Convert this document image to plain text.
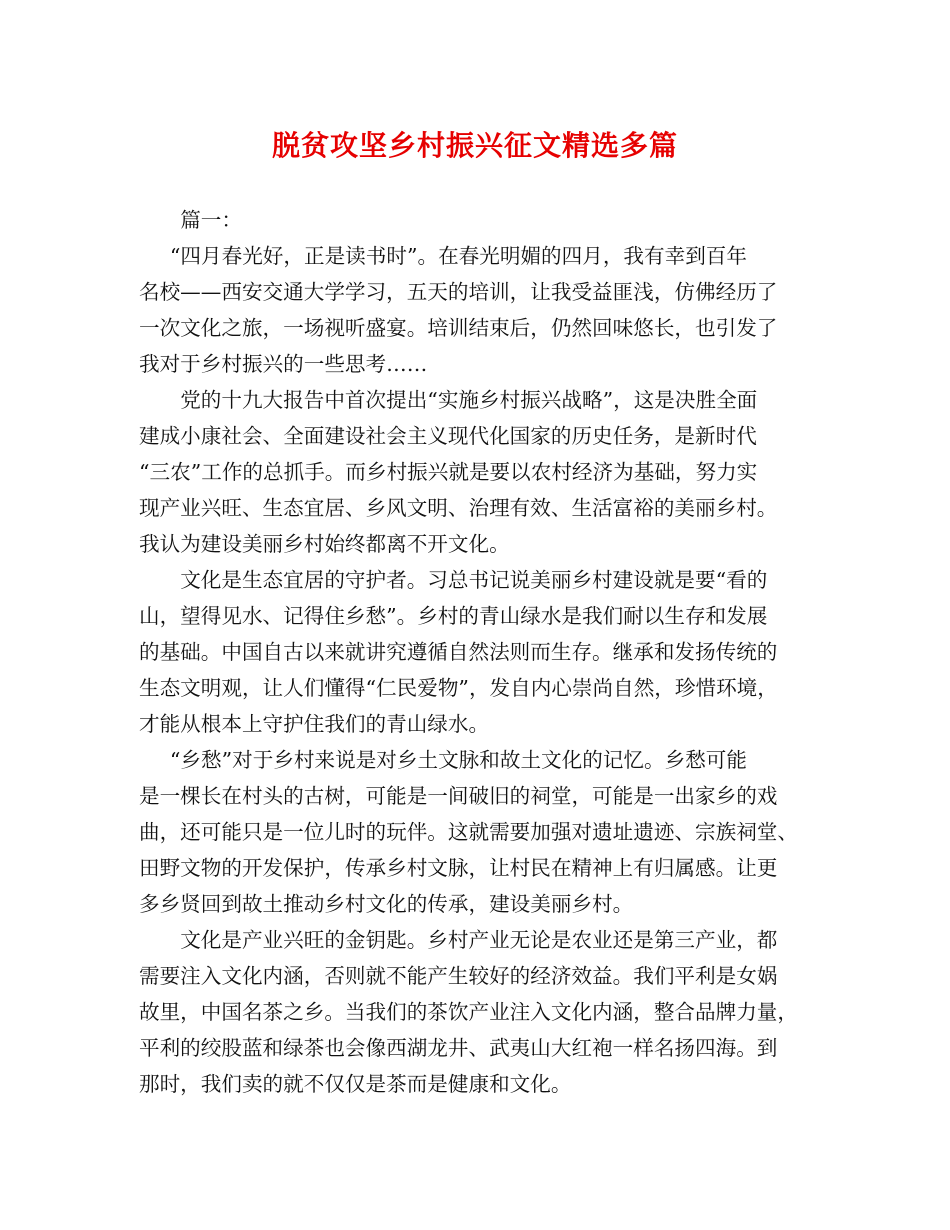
脱贫攻坚乡村振兴征文精选多篇

篇一：

“四月春光好，正是读书时”。在春光明媚的四月，我有幸到百年
名校——西安交通大学学习，五天的培训，让我受益匪浅，仿佛经历了
一次文化之旅，一场视听盛宴。培训结束后，仍然回味悠长，也引发了
我对于乡村振兴的一些思考……

党的十九大报告中首次提出“实施乡村振兴战略”，这是决胜全面
建成小康社会、全面建设社会主义现代化国家的历史任务，是新时代
“三农”工作的总抓手。而乡村振兴就是要以农村经济为基础，努力实
现产业兴旺、生态宜居、乡风文明、治理有效、生活富裕的美丽乡村。
我认为建设美丽乡村始终都离不开文化。

文化是生态宜居的守护者。习总书记说美丽乡村建设就是要“看的
山，望得见水、记得住乡愁”。乡村的青山绿水是我们耐以生存和发展
的基础。中国自古以来就讲究遵循自然法则而生存。继承和发扬传统的
生态文明观，让人们懂得“仁民爱物”，发自内心崇尚自然，珍惜环境，
才能从根本上守护住我们的青山绿水。

“乡愁”对于乡村来说是对乡土文脉和故土文化的记忆。乡愁可能
是一棵长在村头的古树，可能是一间破旧的祠堂，可能是一出家乡的戏
曲，还可能只是一位儿时的玩伴。这就需要加强对遗址遗迹、宗族祠堂、
田野文物的开发保护，传承乡村文脉，让村民在精神上有归属感。让更
多乡贤回到故土推动乡村文化的传承，建设美丽乡村。

文化是产业兴旺的金钥匙。乡村产业无论是农业还是第三产业，都
需要注入文化内涵，否则就不能产生较好的经济效益。我们平利是女娲
故里，中国名茶之乡。当我们的茶饮产业注入文化内涵，整合品牌力量，
平利的绞股蓝和绿茶也会像西湖龙井、武夷山大红袍一样名扬四海。到
那时，我们卖的就不仅仅是茶而是健康和文化。
